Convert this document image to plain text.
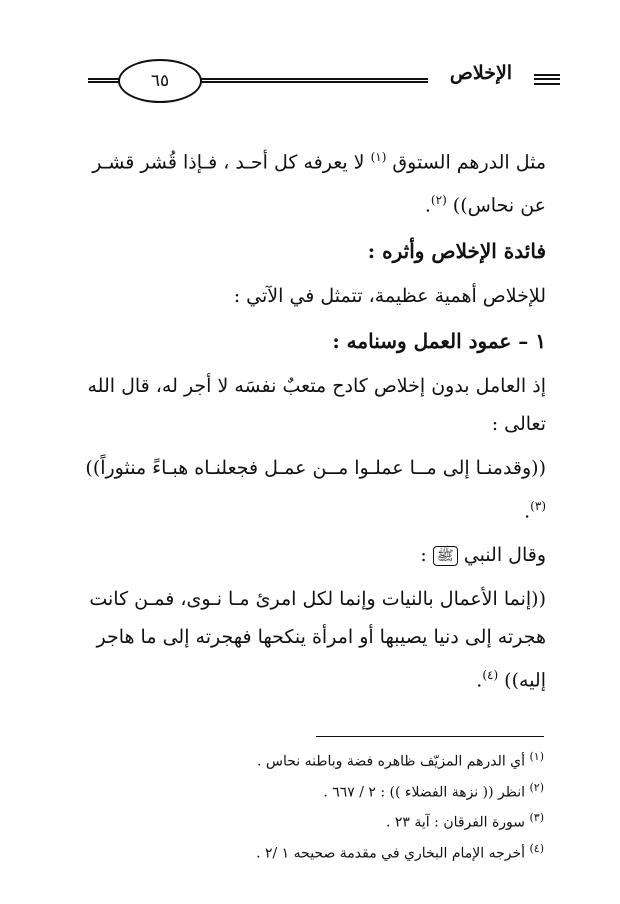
٦٥	الإخلاص

مثل الدرهم الستوق $^{(١)}$ لا يعرفه كل أحـد ، فـإذا قُشر قشـر عن نحاس)) $^{(٢)}$.

فائدة الإخلاص وأثره :

للإخلاص أهمية عظيمة، تتمثل في الآتي :

١ – عمود العمل وسنامه :

إذ العامل بدون إخلاص كادح متعبٌ نفسَه لا أجر له، قال الله تعالى :

((وقدمنـا إلى مــا عملـوا مــن عمـل فجعلنـاه هبـاءً منثوراً))$^{(٣)}$.

وقال النبي ﷺ :

((إنما الأعمال بالنيات وإنما لكل امرئ مـا نـوى، فمـن كانت هجرته إلى دنيا يصيبها أو امرأة ينكحها فهجرته إلى ما هاجر إليه)) $^{(٤)}$.

$^{(١)}$ أي الدرهم المزيّف ظاهره فضة وباطنه نحاس .
$^{(٢)}$ انظر (( نزهة الفضلاء )) : ٢ / ٦٦٧ .
$^{(٣)}$ سورة الفرقان : آية ٢٣ .
$^{(٤)}$ أخرجه الإمام البخاري في مقدمة صحيحه ١ /٢ .
